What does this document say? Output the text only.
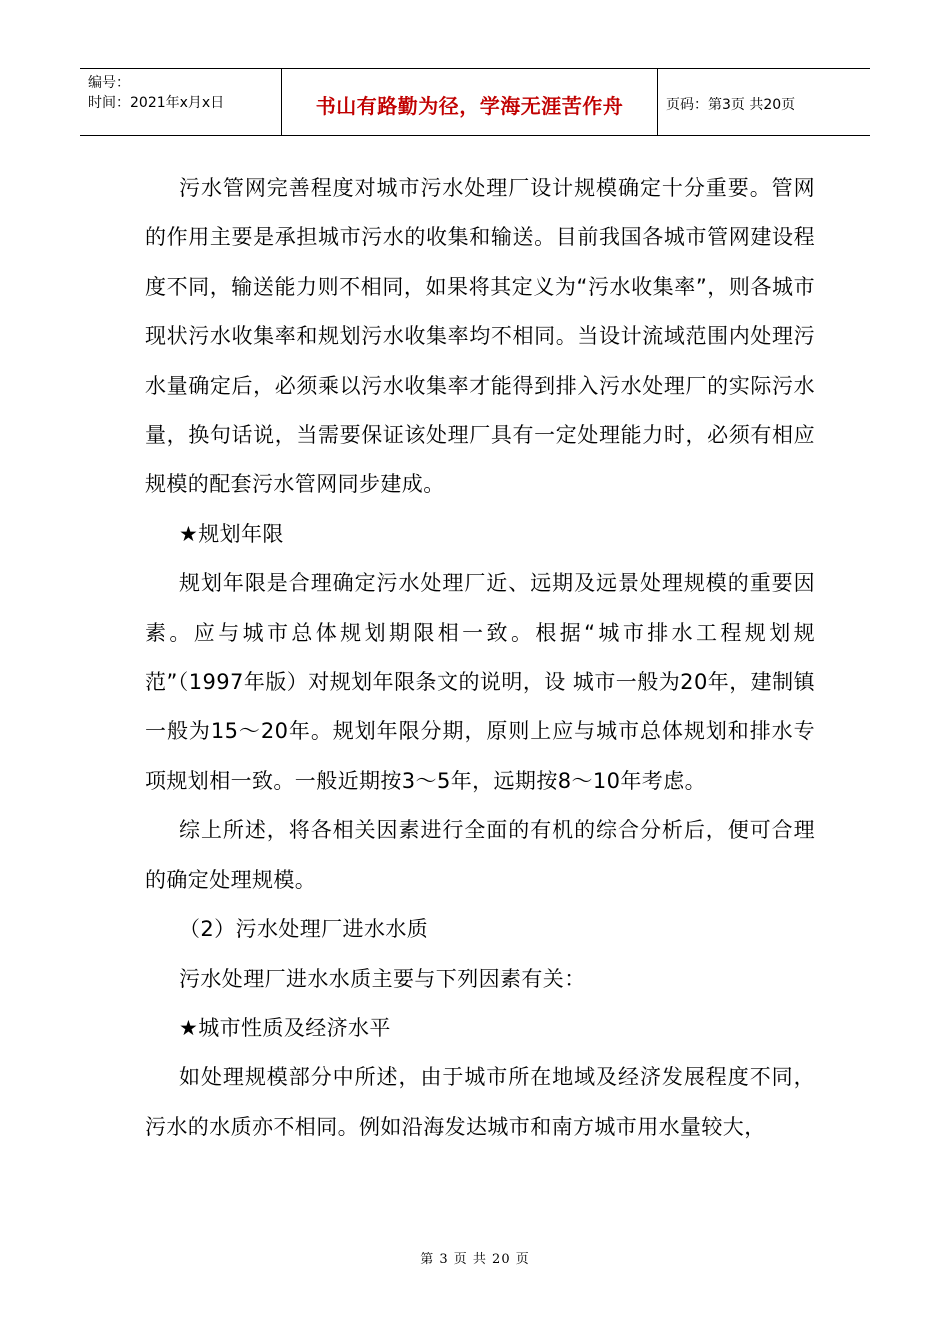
编号：
时间：2021年x月x日	书山有路勤为径，学海无涯苦作舟	页码：第3页 共20页

污水管网完善程度对城市污水处理厂设计规模确定十分重要。管网的作用主要是承担城市污水的收集和输送。目前我国各城市管网建设程度不同，输送能力则不相同，如果将其定义为“污水收集率”，则各城市现状污水收集率和规划污水收集率均不相同。当设计流域范围内处理污水量确定后，必须乘以污水收集率才能得到排入污水处理厂的实际污水量，换句话说，当需要保证该处理厂具有一定处理能力时，必须有相应规模的配套污水管网同步建成。

★规划年限

规划年限是合理确定污水处理厂近、远期及远景处理规模的重要因素。应与城市总体规划期限相一致。根据“城市排水工程规划规范”（1997年版）对规划年限条文的说明，设 城市一般为20年，建制镇一般为15～20年。规划年限分期，原则上应与城市总体规划和排水专项规划相一致。一般近期按3～5年，远期按8～10年考虑。

综上所述，将各相关因素进行全面的有机的综合分析后，便可合理的确定处理规模。

（2）污水处理厂进水水质

污水处理厂进水水质主要与下列因素有关：

★城市性质及经济水平

如处理规模部分中所述，由于城市所在地域及经济发展程度不同，污水的水质亦不相同。例如沿海发达城市和南方城市用水量较大，

第 3 页 共 20 页
